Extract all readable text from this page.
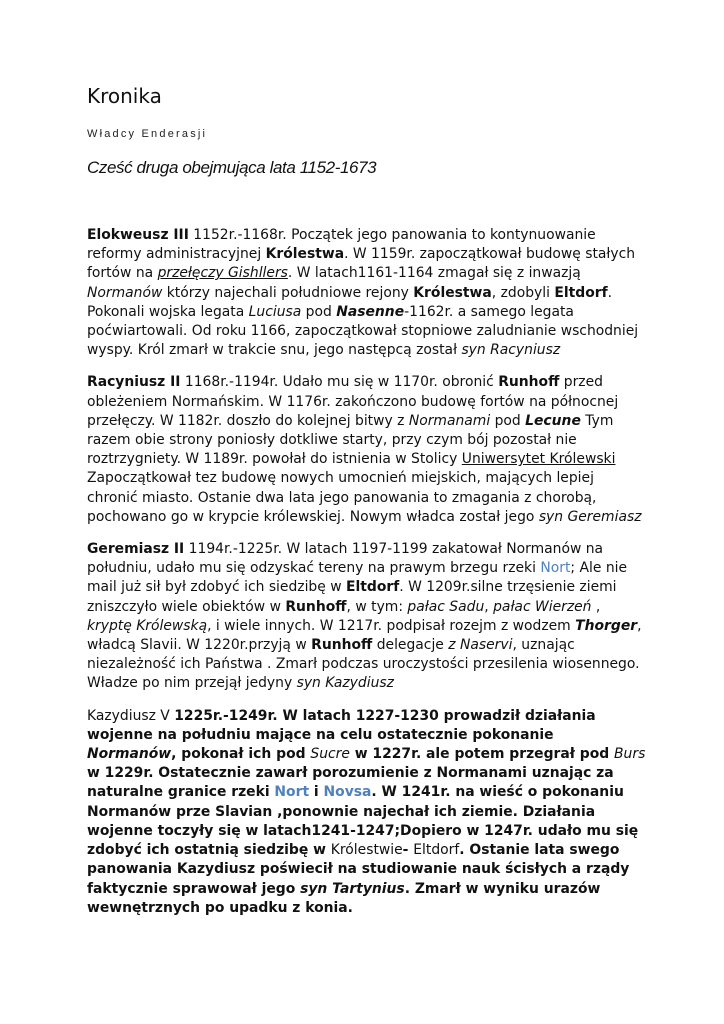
Kronika
Władcy Enderasji
Cześć druga obejmująca lata 1152-1673

Elokweusz III 1152r.-1168r. Początek jego panowania to kontynuowanie reformy administracyjnej Królestwa. W 1159r. zapoczątkował budowę stałych fortów na przełęczy Gishllers. W latach1161-1164 zmagał się z inwazją Normanów którzy najechali południowe rejony Królestwa, zdobyli Eltdorf. Pokonali wojska legata Luciusa pod Nasenne-1162r. a samego legata poćwiartowali. Od roku 1166, zapoczątkował stopniowe zaludnianie wschodniej wyspy. Król zmarł w trakcie snu, jego następcą został syn Racyniusz

Racyniusz II 1168r.-1194r. Udało mu się w 1170r. obronić Runhoff przed obleżeniem Normańskim. W 1176r. zakończono budowę fortów na północnej przełęczy. W 1182r. doszło do kolejnej bitwy z Normanami pod Lecune Tym razem obie strony poniosły dotkliwe starty, przy czym bój pozostał nie roztrzygniety. W 1189r. powołał do istnienia w Stolicy Uniwersytet Królewski Zapoczątkował tez budowę nowych umocnień miejskich, mających lepiej chronić miasto. Ostanie dwa lata jego panowania to zmagania z chorobą, pochowano go w krypcie królewskiej. Nowym władca został jego syn Geremiasz

Geremiasz II 1194r.-1225r. W latach 1197-1199 zakatował Normanów na południu, udało mu się odzyskać tereny na prawym brzegu rzeki Nort; Ale nie mail już sił był zdobyć ich siedzibę w Eltdorf. W 1209r.silne trzęsienie ziemi zniszczyło wiele obiektów w Runhoff, w tym: pałac Sadu, pałac Wierzeń , kryptę Królewską, i wiele innych. W 1217r. podpisał rozejm z wodzem Thorger, władcą Slavii. W 1220r.przyją w Runhoff delegacje z Naservi, uznając niezależność ich Państwa . Zmarł podczas uroczystości przesilenia wiosennego. Władze po nim przejął jedyny syn Kazydiusz

Kazydiusz V 1225r.-1249r. W latach 1227-1230 prowadził działania wojenne na południu mające na celu ostatecznie pokonanie Normanów, pokonał ich pod Sucre w 1227r. ale potem przegrał pod Burs w 1229r. Ostatecznie zawarł porozumienie z Normanami uznając za naturalne granice rzeki Nort i Novsa. W 1241r. na wieść o pokonaniu Normanów prze Slavian ,ponownie najechał ich ziemie. Działania wojenne toczyły się w latach1241-1247;Dopiero w 1247r. udało mu się zdobyć ich ostatnią siedzibę w Królestwie- Eltdorf. Ostanie lata swego panowania Kazydiusz poświecił na studiowanie nauk ścisłych a rządy faktycznie sprawował jego syn Tartynius. Zmarł w wyniku urazów wewnętrznych po upadku z konia.
